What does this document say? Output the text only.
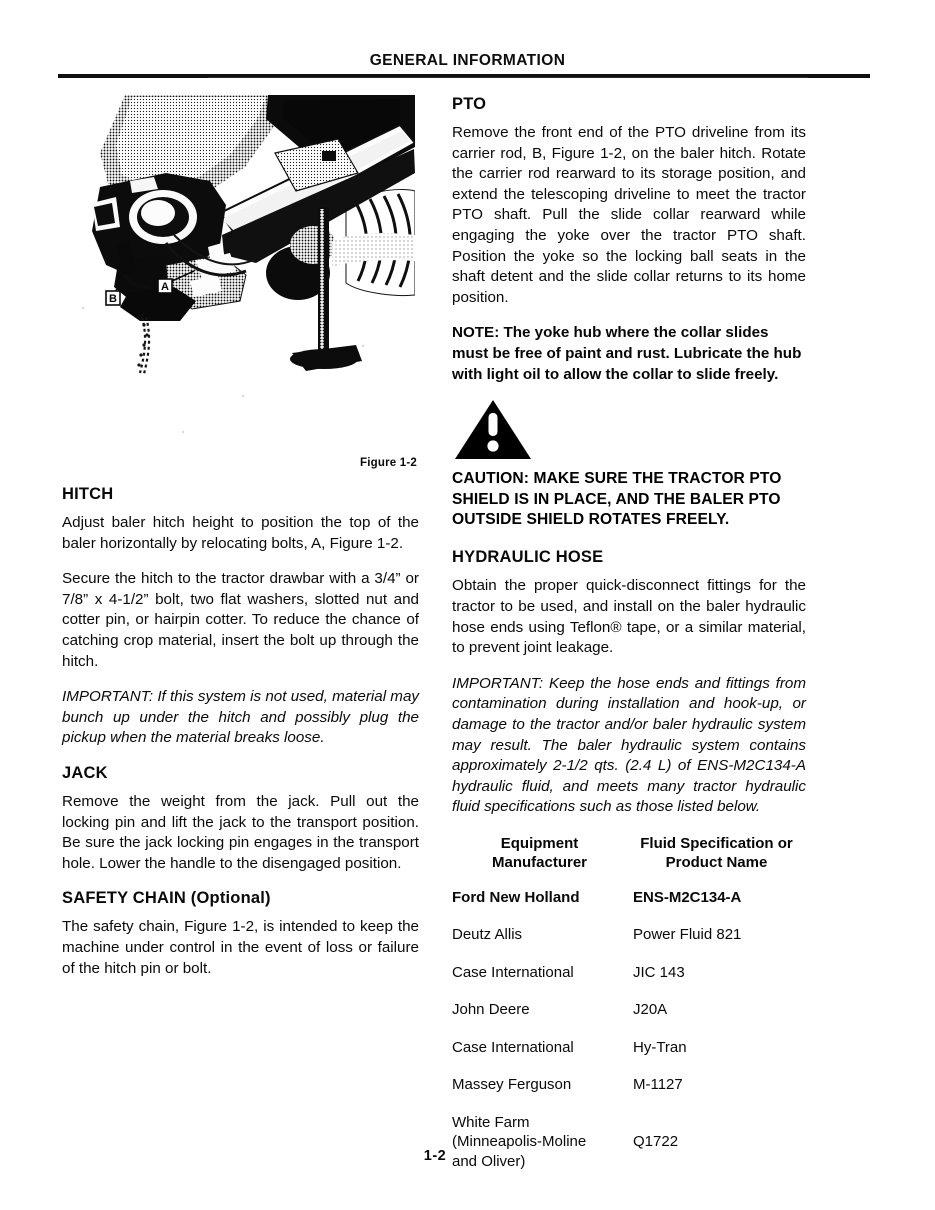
GENERAL INFORMATION
A
B
Figure 1-2
HITCH

Adjust baler hitch height to position the top of the baler horizontally by relocating bolts, A, Figure 1-2.

Secure the hitch to the tractor drawbar with a 3/4” or 7/8” x 4-1/2” bolt, two flat washers, slotted nut and cotter pin, or hairpin cotter. To reduce the chance of catching crop material, insert the bolt up through the hitch.

IMPORTANT: If this system is not used, material may bunch up under the hitch and possibly plug the pickup when the material breaks loose.

JACK

Remove the weight from the jack. Pull out the locking pin and lift the jack to the transport position. Be sure the jack locking pin engages in the transport hole. Lower the handle to the disengaged position.

SAFETY CHAIN (Optional)

The safety chain, Figure 1-2, is intended to keep the machine under control in the event of loss or failure of the hitch pin or bolt.

PTO

Remove the front end of the PTO driveline from its carrier rod, B, Figure 1-2, on the baler hitch. Rotate the carrier rod rearward to its storage position, and extend the telescoping driveline to meet the tractor PTO shaft. Pull the slide collar rearward while engaging the yoke over the tractor PTO shaft. Position the yoke so the locking ball seats in the shaft detent and the slide collar returns to its home position.

NOTE: The yoke hub where the collar slides must be free of paint and rust. Lubricate the hub with light oil to allow the collar to slide freely.

CAUTION: MAKE SURE THE TRACTOR PTO SHIELD IS IN PLACE, AND THE BALER PTO OUTSIDE SHIELD ROTATES FREELY.

HYDRAULIC HOSE

Obtain the proper quick-disconnect fittings for the tractor to be used, and install on the baler hydraulic hose ends using Teflon® tape, or a similar material, to prevent joint leakage.

IMPORTANT: Keep the hose ends and fittings from contamination during installation and hook-up, or damage to the tractor and/or baler hydraulic system may result. The baler hydraulic system contains approximately 2-1/2 qts. (2.4 L) of ENS-M2C134-A hydraulic fluid, and meets many tractor hydraulic fluid specifications such as those listed below.

Equipment
Manufacturer	Fluid Specification or
Product Name
Ford New Holland	ENS-M2C134-A
Deutz Allis	Power Fluid 821
Case International	JIC 143
John Deere	J20A
Case International	Hy-Tran
Massey Ferguson	M-1127
White Farm
(Minneapolis-Moline
and Oliver)	Q1722
1-2
